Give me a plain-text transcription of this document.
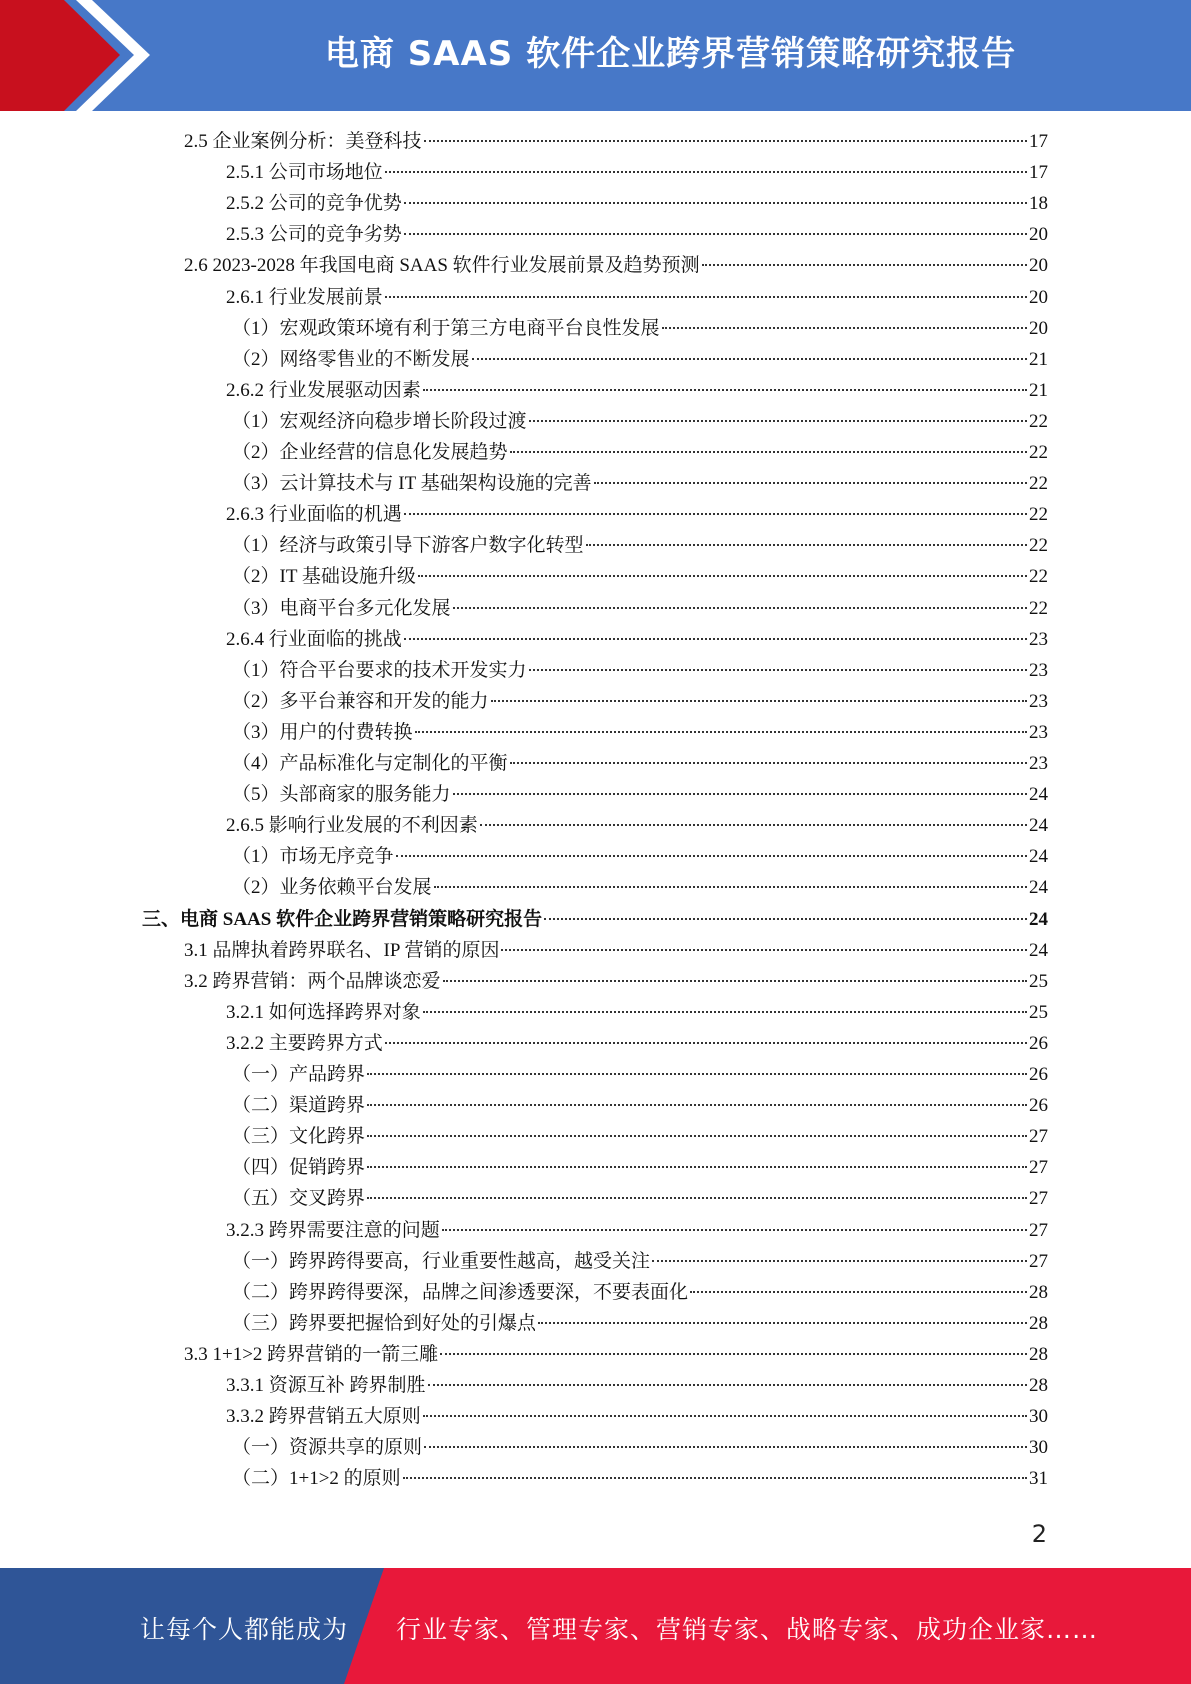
电商 SAAS 软件企业跨界营销策略研究报告
2.5 企业案例分析：美登科技	17
2.5.1 公司市场地位	17
2.5.2 公司的竞争优势	18
2.5.3 公司的竞争劣势	20
2.6 2023-2028 年我国电商 SAAS 软件行业发展前景及趋势预测	20
2.6.1 行业发展前景	20
（1）宏观政策环境有利于第三方电商平台良性发展	20
（2）网络零售业的不断发展	21
2.6.2 行业发展驱动因素	21
（1）宏观经济向稳步增长阶段过渡	22
（2）企业经营的信息化发展趋势	22
（3）云计算技术与 IT 基础架构设施的完善	22
2.6.3 行业面临的机遇	22
（1）经济与政策引导下游客户数字化转型	22
（2）IT 基础设施升级	22
（3）电商平台多元化发展	22
2.6.4 行业面临的挑战	23
（1）符合平台要求的技术开发实力	23
（2）多平台兼容和开发的能力	23
（3）用户的付费转换	23
（4）产品标准化与定制化的平衡	23
（5）头部商家的服务能力	24
2.6.5 影响行业发展的不利因素	24
（1）市场无序竞争	24
（2）业务依赖平台发展	24
三、电商 SAAS 软件企业跨界营销策略研究报告	24
3.1 品牌执着跨界联名、IP 营销的原因	24
3.2 跨界营销：两个品牌谈恋爱	25
3.2.1 如何选择跨界对象	25
3.2.2 主要跨界方式	26
（一）产品跨界	26
（二）渠道跨界	26
（三）文化跨界	27
（四）促销跨界	27
（五）交叉跨界	27
3.2.3 跨界需要注意的问题	27
（一）跨界跨得要高，行业重要性越高，越受关注	27
（二）跨界跨得要深，品牌之间渗透要深，不要表面化	28
（三）跨界要把握恰到好处的引爆点	28
3.3 1+1>2 跨界营销的一箭三雕	28
3.3.1 资源互补 跨界制胜	28
3.3.2 跨界营销五大原则	30
（一）资源共享的原则	30
（二）1+1>2 的原则	31
2
让每个人都能成为 行业专家、管理专家、营销专家、战略专家、成功企业家……
